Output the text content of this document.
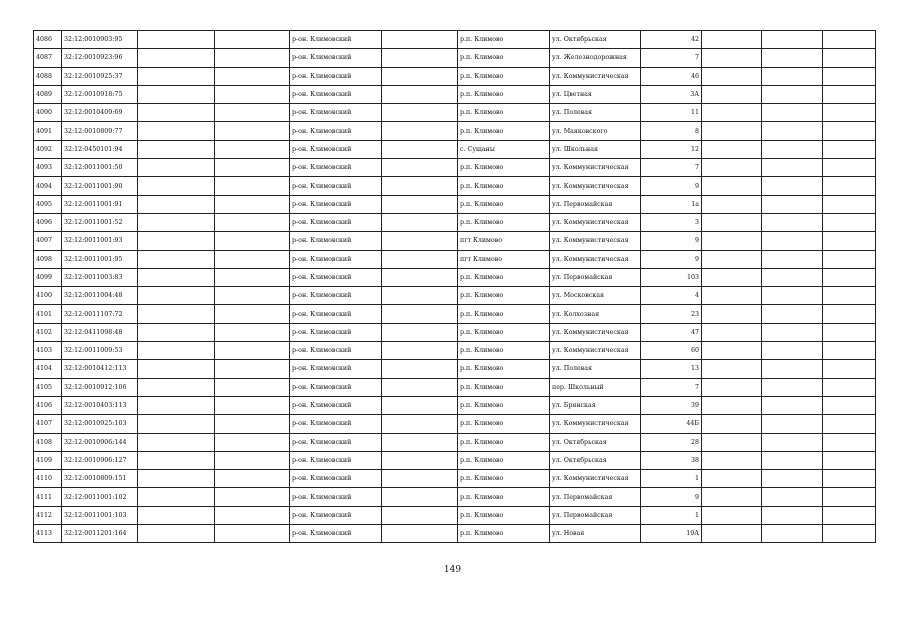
4086	32:12:0010903:95			р-он. Климовский		р.п. Климово	ул. Октябрьская	42			
4087	32:12:0010923:96			р-он. Климовский		р.п. Климово	ул. Железнодорожная	7			
4088	32:12:0010925:37			р-он. Климовский		р.п. Климово	ул. Коммунистическая	46			
4089	32:12:0010918:75			р-он. Климовский		р.п. Климово	ул. Цветная	3А			
4090	32:12:0010409:69			р-он. Климовский		р.п. Климово	ул. Полевая	11			
4091	32:12:0010809:77			р-он. Климовский		р.п. Климово	ул. Маяковского	8			
4092	32:12:0450101:94			р-он. Климовский		с. Сущаны	ул. Школьная	12			
4093	32:12:0011001:50			р-он. Климовский		р.п. Климово	ул. Коммунистическая	7			
4094	32:12:0011001:90			р-он. Климовский		р.п. Климово	ул. Коммунистическая	9			
4095	32:12:0011001:91			р-он. Климовский		р.п. Климово	ул. Первомайская	1а			
4096	32:12:0011001:52			р-он. Климовский		р.п. Климово	ул. Коммунистическая	3			
4097	32:12:0011001:93			р-он. Климовский		пгт Климово	ул. Коммунистическая	9			
4098	32:12:0011001:95			р-он. Климовский		пгт Климово	ул. Коммунистическая	9			
4099	32:12:0011003:83			р-он. Климовский		р.п. Климово	ул. Первомайская	103			
4100	32:12:0011004:48			р-он. Климовский		р.п. Климово	ул. Московская	4			
4101	32:12:0011107:72			р-он. Климовский		р.п. Климово	ул. Колхозная	23			
4102	32:12:0411098:48			р-он. Климовский		р.п. Климово	ул. Коммунистическая	47			
4103	32:12:0011009:53			р-он. Климовский		р.п. Климово	ул. Коммунистическая	60			
4104	32:12:0010412:113			р-он. Климовский		р.п. Климово	ул. Полевая	13			
4105	32:12:0010912:106			р-он. Климовский		р.п. Климово	пер. Школьный	7			
4106	32:12:0010403:113			р-он. Климовский		р.п. Климово	ул. Брянская	39			
4107	32:12:0010925:103			р-он. Климовский		р.п. Климово	ул. Коммунистическая	44Б			
4108	32:12:0010906:144			р-он. Климовский		р.п. Климово	ул. Октябрьская	28			
4109	32:12:0010906:127			р-он. Климовский		р.п. Климово	ул. Октябрьская	38			
4110	32:12:0010809:151			р-он. Климовский		р.п. Климово	ул. Коммунистическая	1			
4111	32:12:0011001:102			р-он. Климовский		р.п. Климово	ул. Первомайская	9			
4112	32:12:0011001:103			р-он. Климовский		р.п. Климово	ул. Первомайская	1			
4113	32:12:0011201:164			р-он. Климовский		р.п. Климово	ул. Новая	19А			
149
